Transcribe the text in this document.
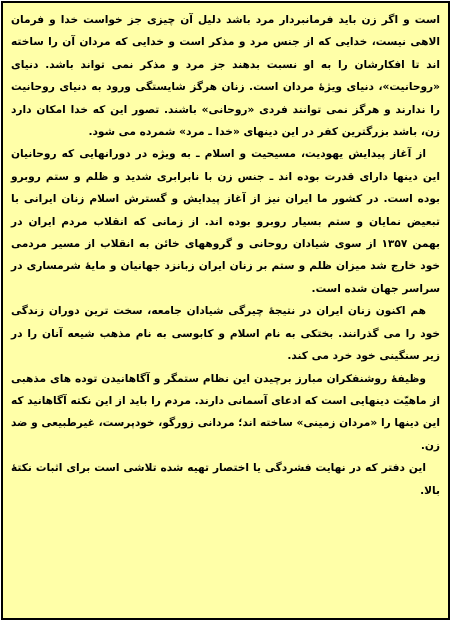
است و اگر زن باید فرمانبردار مرد باشد دلیل آن چیزی جز خواست خدا و فرمان الاهی نیست، خدایی که از جنس مرد و مذکر است و خدایی که مردان آن را ساخته اند تا افکارشان را به او نسبت بدهند جز مرد و مذکر نمی تواند باشد. دنیای «روحانیت»، دنیای ویژهٔ مردان است. زنان هرگز شایستگی ورود به دنیای روحانیت را ندارند و هرگز نمی توانند فردی «روحانی» باشند. تصور این که خدا امکان دارد زن، باشد بزرگترین کفر در این دینهای «خدا ـ مرد» شمرده می شود.

از آغاز پیدایش یهودیت، مسیحیت و اسلام ـ به ویژه در دورانهایی که روحانیان این دینها دارای قدرت بوده اند ـ جنس زن با نابرابری شدید و ظلم و ستم روبرو بوده است. در کشور ما ایران نیز از آغاز پیدایش و گسترش اسلام زنان ایرانی با تبعیض نمایان و ستم بسیار روبرو بوده اند. از زمانی که انقلاب مردم ایران در بهمن ۱۳۵۷ از سوی شیادان روحانی و گروههای خائن به انقلاب از مسیر مردمی خود خارج شد میزان ظلم و ستم بر زنان ایران زبانزد جهانیان و مایهٔ شرمساری در سراسر جهان شده است.

هم اکنون زنان ایران در نتیجهٔ چیرگی شیادان جامعه، سخت ترین دوران زندگی خود را می گذرانند. بختکی به نام اسلام و کابوسی به نام مذهب شیعه آنان را در زیر سنگینی خود خرد می کند.

وظیفهٔ روشنفکران مبارز برچیدن این نظام ستمگر و آگاهانیدن توده های مذهبی از ماهیّت دینهایی است که ادعای آسمانی دارند. مردم را باید از این نکته آگاهانید که این دینها را «مردان زمینی» ساخته اند؛ مردانی زورگو، خودپرست، غیرطبیعی و ضد زن.

این دفتر که در نهایت فشردگی یا اختصار تهیه شده تلاشی است برای اثبات نکتهٔ بالا.
